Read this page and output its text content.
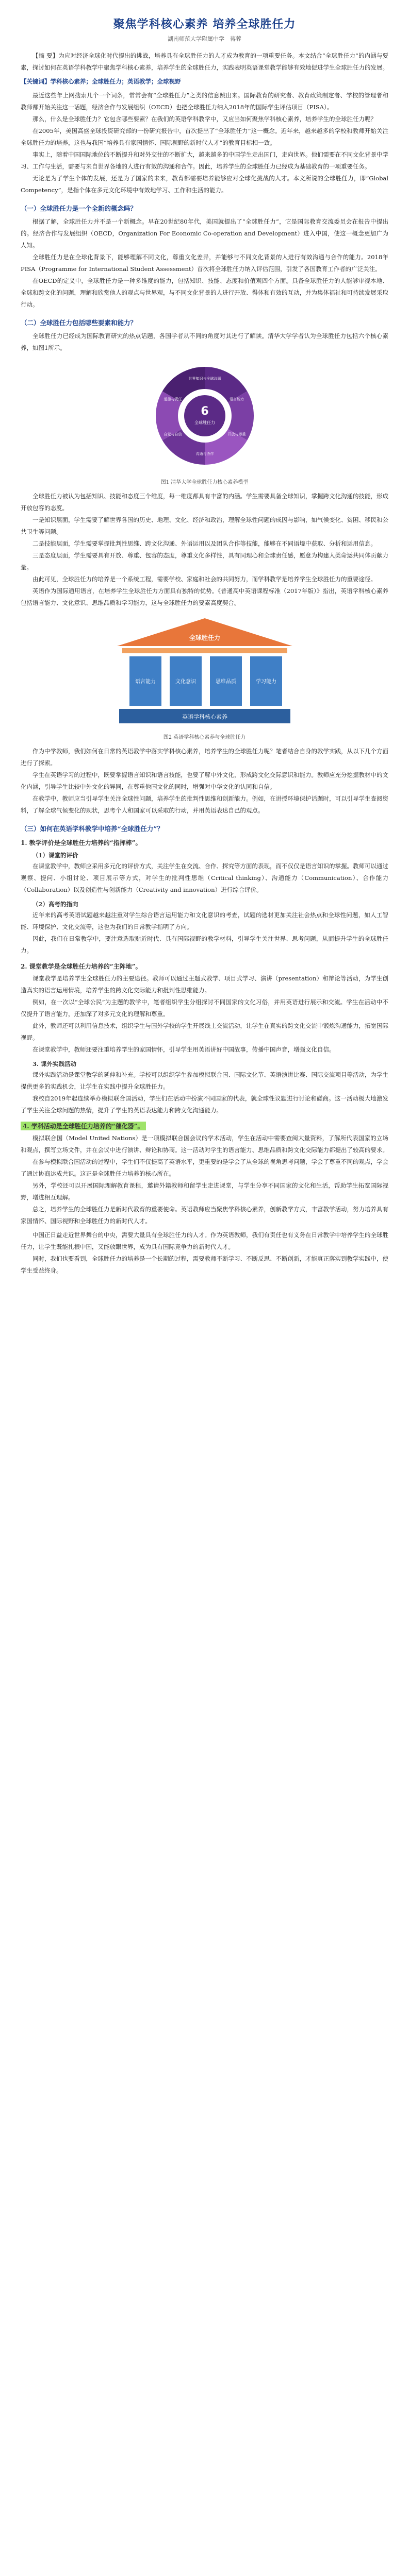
聚焦学科核心素养 培养全球胜任力
湖南师范大学附属中学　蒋蓉

【摘 要】为应对经济全球化时代提出的挑战，培养具有全球胜任力的人才成为教育的一项重要任务。本文结合“全球胜任力”的内涵与要素，探讨如何在英语学科教学中聚焦学科核心素养，培养学生的全球胜任力，实践表明英语课堂教学能够有效地促进学生全球胜任力的发展。

【关键词】学科核心素养；全球胜任力；英语教学；全球视野

最近这些年上网搜索几个一个词条，常常会有“全球胜任力”之类的信息跳出来。国际教育的研究者、教育政策制定者、学校的管理者和教师都开始关注这一话题，经济合作与发展组织（OECD）也把全球胜任力纳入2018年的国际学生评估项目（PISA）。

那么，什么是全球胜任力？它包含哪些要素？在我们的英语学科教学中，又应当如何聚焦学科核心素养，培养学生的全球胜任力呢？

在2005年，美国高盛全球投资研究部的一份研究报告中，首次提出了“全球胜任力”这一概念。近年来，越来越多的学校和教师开始关注全球胜任力的培养，这也与我国“培养具有家国情怀、国际视野的新时代人才”的教育目标相一致。

事实上，随着中国国际地位的不断提升和对外交往的不断扩大，越来越多的中国学生走出国门，走向世界。他们需要在不同文化背景中学习、工作与生活，需要与来自世界各地的人进行有效的沟通和合作。因此，培养学生的全球胜任力已经成为基础教育的一项重要任务。

无论是为了学生个体的发展，还是为了国家的未来，教育都需要培养能够应对全球化挑战的人才。本文所说的全球胜任力，即“Global Competency”，是指个体在多元文化环境中有效地学习、工作和生活的能力。

（一）全球胜任力是一个全新的概念吗？

根据了解，全球胜任力并不是一个新概念。早在20世纪80年代，美国就提出了“全球胜任力”，它是国际教育交流委员会在报告中提出的。经济合作与发展组织（OECD，Organization For Economic Co-operation and Development）进入中国，使这一概念更加广为人知。

全球胜任力是在全球化背景下，能够理解不同文化，尊重文化差异，并能够与不同文化背景的人进行有效沟通与合作的能力。2018年PISA（Programme for International Student Assessment）首次将全球胜任力纳入评估范围，引发了各国教育工作者的广泛关注。

在OECD的定义中，全球胜任力是一种多维度的能力，包括知识、技能、态度和价值观四个方面。具备全球胜任力的人能够审视本地、全球和跨文化的问题，理解和欣赏他人的观点与世界观，与不同文化背景的人进行开放、得体和有效的互动，并为集体福祉和可持续发展采取行动。

（二）全球胜任力包括哪些要素和能力？

全球胜任力已经成为国际教育研究的热点话题，各国学者从不同的角度对其进行了解读。清华大学学者认为全球胜任力包括六个核心素养，如图1所示。

6
全球胜任力
世界知识与全球议题
语言能力
开放与尊重
沟通与协作
自觉与自信
道德与责任
图1 清华大学全球胜任力核心素养模型

全球胜任力被认为包括知识、技能和态度三个维度，每一维度都具有丰富的内涵。学生需要具备全球知识，掌握跨文化沟通的技能，形成开放包容的态度。

一是知识层面，学生需要了解世界各国的历史、地理、文化、经济和政治，理解全球性问题的成因与影响，如气候变化、贫困、移民和公共卫生等问题。

二是技能层面，学生需要掌握批判性思维、跨文化沟通、外语运用以及团队合作等技能，能够在不同语境中获取、分析和运用信息。

三是态度层面，学生需要具有开放、尊重、包容的态度，尊重文化多样性，具有同理心和全球责任感，愿意为构建人类命运共同体贡献力量。

由此可见，全球胜任力的培养是一个系统工程，需要学校、家庭和社会的共同努力，而学科教学是培养学生全球胜任力的重要途径。

英语作为国际通用语言，在培养学生全球胜任力方面具有独特的优势。《普通高中英语课程标准（2017年版）》指出，英语学科核心素养包括语言能力、文化意识、思维品质和学习能力，这与全球胜任力的要素高度契合。

全球胜任力
语言能力	文化意识	思维品质	学习能力
英语学科核心素养
图2 英语学科核心素养与全球胜任力

作为中学教师，我们如何在日常的英语教学中落实学科核心素养，培养学生的全球胜任力呢？笔者结合自身的教学实践，从以下几个方面进行了探索。

学生在英语学习的过程中，既要掌握语言知识和语言技能，也要了解中外文化，形成跨文化交际意识和能力。教师应充分挖掘教材中的文化内涵，引导学生比较中外文化的异同，在尊重他国文化的同时，增强对中华文化的认同和自信。

在教学中，教师应当引导学生关注全球性问题，培养学生的批判性思维和创新能力。例如，在讲授环境保护话题时，可以引导学生查阅资料，了解全球气候变化的现状，思考个人和国家可以采取的行动，并用英语表达自己的观点。

（三）如何在英语学科教学中培养“全球胜任力”？
1. 教学评价是全球胜任力培养的“指挥棒”。
（1）课堂的评价

在课堂教学中，教师应采用多元化的评价方式，关注学生在交流、合作、探究等方面的表现，而不仅仅是语言知识的掌握。教师可以通过观察、提问、小组讨论、项目展示等方式，对学生的批判性思维（Critical thinking）、沟通能力（Communication）、合作能力（Collaboration）以及创造性与创新能力（Creativity and innovation）进行综合评价。

（2）高考的指向

近年来的高考英语试题越来越注重对学生综合语言运用能力和文化意识的考查，试题的选材更加关注社会热点和全球性问题，如人工智能、环境保护、文化交流等，这也为我们的日常教学指明了方向。

因此，我们在日常教学中，要注意选取贴近时代、具有国际视野的教学材料，引导学生关注世界、思考问题，从而提升学生的全球胜任力。

2. 课堂教学是全球胜任力培养的“主阵地”。

课堂教学是培养学生全球胜任力的主要途径。教师可以通过主题式教学、项目式学习、演讲（presentation）和辩论等活动，为学生创造真实的语言运用情境，培养学生的跨文化交际能力和批判性思维能力。

例如，在一次以“全球公民”为主题的教学中，笔者组织学生分组探讨不同国家的文化习俗，并用英语进行展示和交流。学生在活动中不仅提升了语言能力，还加深了对多元文化的理解和尊重。

此外，教师还可以利用信息技术，组织学生与国外学校的学生开展线上交流活动，让学生在真实的跨文化交流中锻炼沟通能力，拓宽国际视野。

在课堂教学中，教师还要注重培养学生的家国情怀，引导学生用英语讲好中国故事，传播中国声音，增强文化自信。

3. 课外实践活动

课外实践活动是课堂教学的延伸和补充。学校可以组织学生参加模拟联合国、国际文化节、英语演讲比赛、国际交流项目等活动，为学生提供更多的实践机会，让学生在实践中提升全球胜任力。

我校自2019年起连续举办模拟联合国活动，学生们在活动中扮演不同国家的代表，就全球性议题进行讨论和磋商。这一活动极大地激发了学生关注全球问题的热情，提升了学生的英语表达能力和跨文化沟通能力。

4. 学科活动是全球胜任力培养的“催化器”。

模拟联合国（Model United Nations）是一项模拟联合国会议的学术活动，学生在活动中需要查阅大量资料，了解所代表国家的立场和观点，撰写立场文件，并在会议中进行演讲、辩论和协商。这一活动对学生的语言能力、思维品质和跨文化交际能力都提出了较高的要求。

在参与模拟联合国活动的过程中，学生们不仅提高了英语水平，更重要的是学会了从全球的视角思考问题，学会了尊重不同的观点，学会了通过协商达成共识。这正是全球胜任力培养的核心所在。

另外，学校还可以开展国际理解教育课程，邀请外籍教师和留学生走进课堂，与学生分享不同国家的文化和生活，帮助学生拓宽国际视野，增进相互理解。

总之，培养学生的全球胜任力是新时代教育的重要使命。英语教师应当聚焦学科核心素养，创新教学方式，丰富教学活动，努力培养具有家国情怀、国际视野和全球胜任力的新时代人才。

中国正日益走近世界舞台的中央，需要大量具有全球胜任力的人才。作为英语教师，我们有责任也有义务在日常教学中培养学生的全球胜任力，让学生既能扎根中国，又能放眼世界，成为具有国际竞争力的新时代人才。

同时，我们也要看到，全球胜任力的培养是一个长期的过程，需要教师不断学习、不断反思、不断创新，才能真正落实到教学实践中，使学生受益终身。
